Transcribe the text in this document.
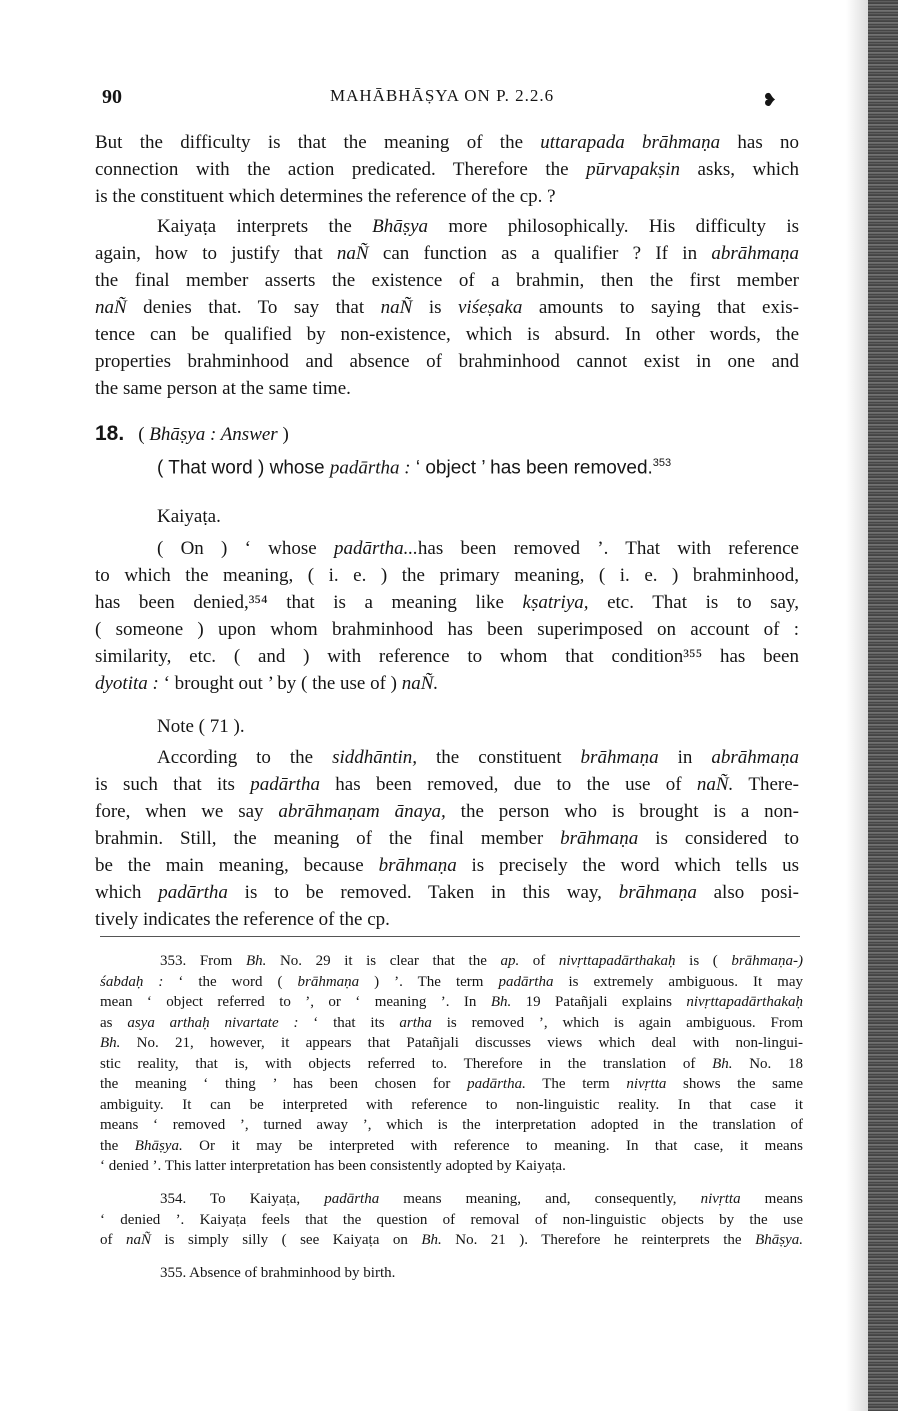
90	MAHĀBHĀṢYA ON P. 2.2.6	❥
But the difficulty is that the meaning of the uttarapada brāhmaṇa has no
connection with the action predicated. Therefore the pūrvapakṣin asks, which
is the constituent which determines the reference of the cp. ?
Kaiyaṭa interprets the Bhāṣya more philosophically. His difficulty is
again, how to justify that naÑ can function as a qualifier ? If in abrāhmaṇa
the final member asserts the existence of a brahmin, then the first member
naÑ denies that. To say that naÑ is viśeṣaka amounts to saying that exis-
tence can be qualified by non-existence, which is absurd. In other words, the
properties brahminhood and absence of brahminhood cannot exist in one and
the same person at the same time.
18. ( Bhāṣya : Answer )
( That word ) whose padārtha : ‘ object ’ has been removed.$^{353}$
Kaiyaṭa.
( On ) ‘ whose padārtha...has been removed ’. That with reference
to which the meaning, ( i. e. ) the primary meaning, ( i. e. ) brahminhood,
has been denied,³⁵⁴ that is a meaning like kṣatriya, etc. That is to say,
( someone ) upon whom brahminhood has been superimposed on account of :
similarity, etc. ( and ) with reference to whom that condition³⁵⁵ has been
dyotita : ‘ brought out ’ by ( the use of ) naÑ.
Note ( 71 ).
According to the siddhāntin, the constituent brāhmaṇa in abrāhmaṇa
is such that its padārtha has been removed, due to the use of naÑ. There-
fore, when we say abrāhmaṇam ānaya, the person who is brought is a non-
brahmin. Still, the meaning of the final member brāhmaṇa is considered to
be the main meaning, because brāhmaṇa is precisely the word which tells us
which padārtha is to be removed. Taken in this way, brāhmaṇa also posi-
tively indicates the reference of the cp.
353. From Bh. No. 29 it is clear that the ap. of nivṛttapadārthakaḥ is ( brāhmaṇa-)
śabdaḥ : ‘ the word ( brāhmaṇa ) ’. The term padārtha is extremely ambiguous. It may
mean ‘ object referred to ’, or ‘ meaning ’. In Bh. 19 Patañjali explains nivṛttapadārthakaḥ
as asya arthaḥ nivartate : ‘ that its artha is removed ’, which is again ambiguous. From
Bh. No. 21, however, it appears that Patañjali discusses views which deal with non-lingui-
stic reality, that is, with objects referred to. Therefore in the translation of Bh. No. 18
the meaning ‘ thing ’ has been chosen for padārtha. The term nivṛtta shows the same
ambiguity. It can be interpreted with reference to non-linguistic reality. In that case it
means ‘ removed ’, turned away ’, which is the interpretation adopted in the translation of
the Bhāṣya. Or it may be interpreted with reference to meaning. In that case, it means
‘ denied ’. This latter interpretation has been consistently adopted by Kaiyaṭa.
354. To Kaiyaṭa, padārtha means meaning, and, consequently, nivṛtta means
‘ denied ’. Kaiyaṭa feels that the question of removal of non-linguistic objects by the use
of naÑ is simply silly ( see Kaiyaṭa on Bh. No. 21 ). Therefore he reinterprets the Bhāṣya.
355. Absence of brahminhood by birth.
